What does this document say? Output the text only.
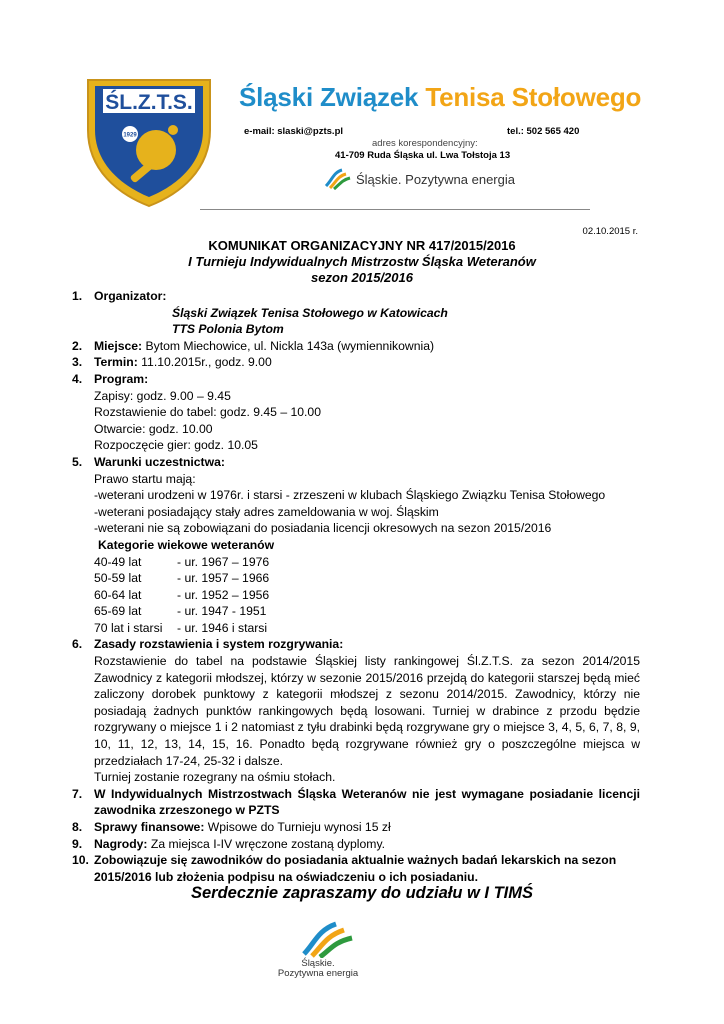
ŚL.Z.T.S.
1929
Śląski Związek Tenisa Stołowego
e-mail: slaski@pzts.pl	tel.: 502 565 420
adres korespondencyjny:
41-709 Ruda Śląska ul. Lwa Tołstoja 13
Śląskie. Pozytywna energia
02.10.2015 r.
KOMUNIKAT ORGANIZACYJNY NR 417/2015/2016
I Turnieju Indywidualnych Mistrzostw Śląska Weteranów
sezon 2015/2016
1. Organizator:
Śląski Związek Tenisa Stołowego w Katowicach
TTS Polonia Bytom
2. Miejsce: Bytom Miechowice, ul. Nickla 143a (wymiennikownia)
3. Termin: 11.10.2015r., godz. 9.00
4. Program:
Zapisy: godz. 9.00 – 9.45
Rozstawienie do tabel: godz. 9.45 – 10.00
Otwarcie: godz. 10.00
Rozpoczęcie gier: godz. 10.05
5. Warunki uczestnictwa:
Prawo startu mają:
-weterani urodzeni w 1976r. i starsi - zrzeszeni w klubach Śląskiego Związku Tenisa Stołowego
-weterani posiadający stały adres zameldowania w woj. Śląskim
-weterani nie są zobowiązani do posiadania licencji okresowych na sezon 2015/2016
Kategorie wiekowe weteranów
40-49 lat	- ur. 1967 – 1976
50-59 lat	- ur. 1957 – 1966
60-64 lat	- ur. 1952 – 1956
65-69 lat	- ur. 1947 - 1951
70 lat i starsi	- ur. 1946 i starsi
6. Zasady rozstawienia i system rozgrywania:
Rozstawienie do tabel na podstawie Śląskiej listy rankingowej Śl.Z.T.S. za sezon 2014/2015 Zawodnicy z kategorii młodszej, którzy w sezonie 2015/2016 przejdą do kategorii starszej będą mieć zaliczony dorobek punktowy z kategorii młodszej z sezonu 2014/2015. Zawodnicy, którzy nie posiadają żadnych punktów rankingowych będą losowani. Turniej w drabince z przodu będzie rozgrywany o miejsce 1 i 2 natomiast z tyłu drabinki będą rozgrywane gry o miejsce 3, 4, 5, 6, 7, 8, 9, 10, 11, 12, 13, 14, 15, 16. Ponadto będą rozgrywane również gry o poszczególne miejsca w przedziałach 17-24, 25-32 i dalsze.
Turniej zostanie rozegrany na ośmiu stołach.
7. W Indywidualnych Mistrzostwach Śląska Weteranów nie jest wymagane posiadanie licencji zawodnika zrzeszonego w PZTS
8. Sprawy finansowe: Wpisowe do Turnieju wynosi 15 zł
9. Nagrody: Za miejsca I-IV wręczone zostaną dyplomy.
10. Zobowiązuje się zawodników do posiadania aktualnie ważnych badań lekarskich na sezon 2015/2016 lub złożenia podpisu na oświadczeniu o ich posiadaniu.
Serdecznie zapraszamy do udziału w I TIMŚ
Śląskie.
Pozytywna energia
